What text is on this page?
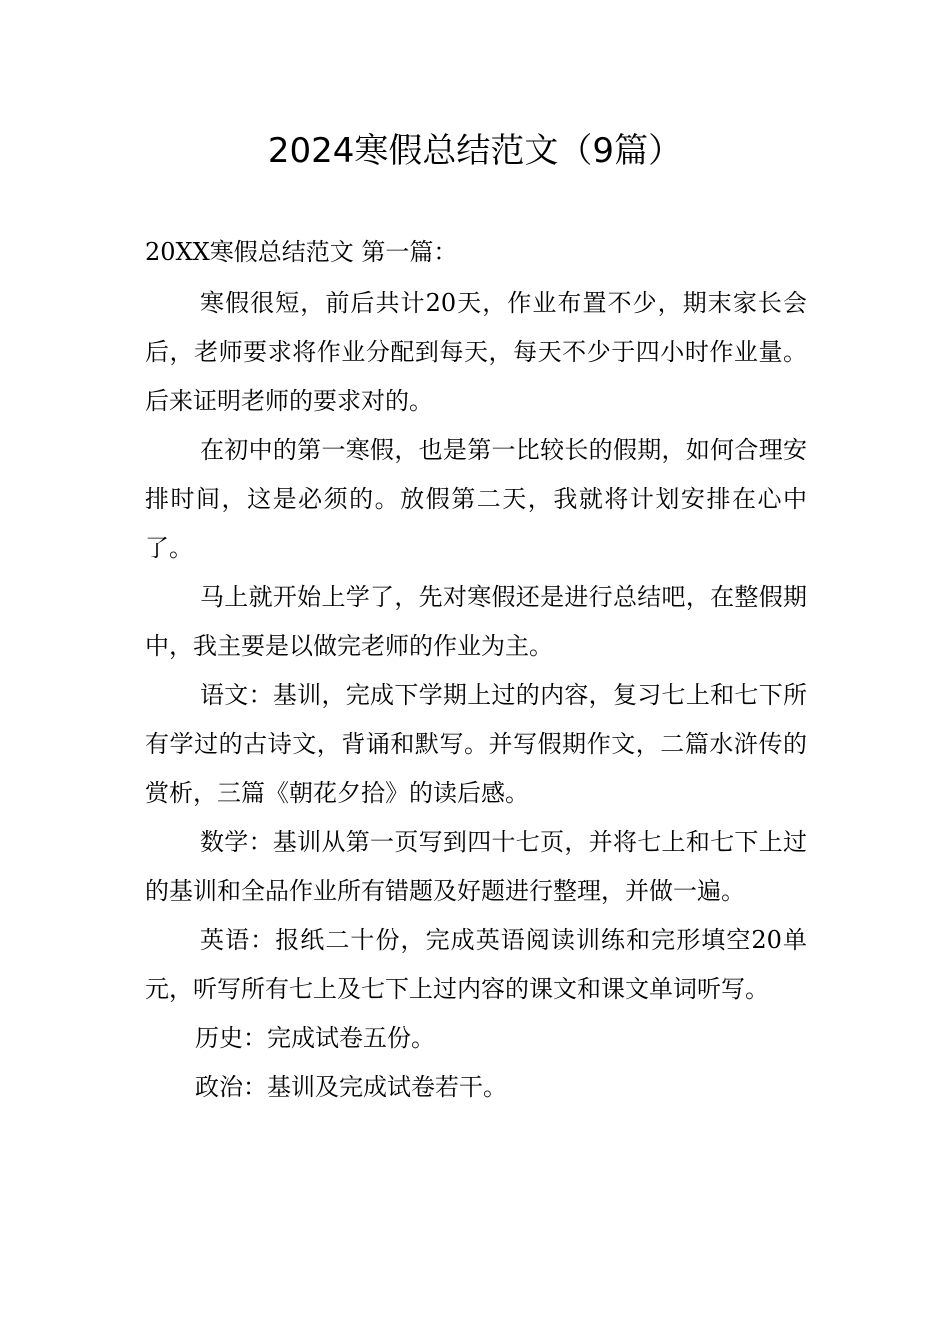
2024寒假总结范文（9篇）
20XX寒假总结范文 第一篇：
寒假很短，前后共计20天，作业布置不少，期末家长会后，老师要求将作业分配到每天，每天不少于四小时作业量。后来证明老师的要求对的。
在初中的第一寒假，也是第一比较长的假期，如何合理安排时间，这是必须的。放假第二天，我就将计划安排在心中了。
马上就开始上学了，先对寒假还是进行总结吧，在整假期中，我主要是以做完老师的作业为主。
语文：基训，完成下学期上过的内容，复习七上和七下所有学过的古诗文，背诵和默写。并写假期作文，二篇水浒传的赏析，三篇《朝花夕拾》的读后感。
数学：基训从第一页写到四十七页，并将七上和七下上过的基训和全品作业所有错题及好题进行整理，并做一遍。
英语：报纸二十份，完成英语阅读训练和完形填空20单元，听写所有七上及七下上过内容的课文和课文单词听写。
历史：完成试卷五份。
政治：基训及完成试卷若干。
